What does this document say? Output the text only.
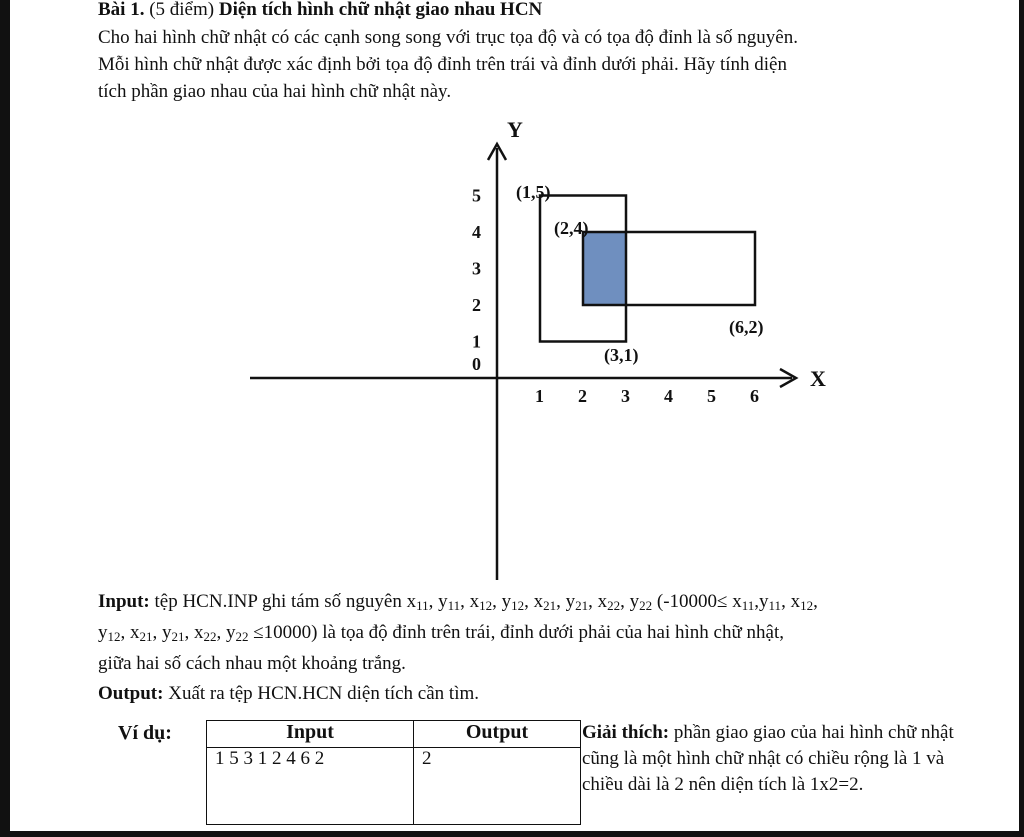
Bài 1. (5 điểm) Diện tích hình chữ nhật giao nhau HCN
Cho hai hình chữ nhật có các cạnh song song với trục tọa độ và có tọa độ đỉnh là số nguyên.
Mỗi hình chữ nhật được xác định bởi tọa độ đỉnh trên trái và đỉnh dưới phải. Hãy tính diện
tích phần giao nhau của hai hình chữ nhật này.
X
Y
1 2 3 4 5 6
0
1
2
3
4
5 (1,5)
(2,4)
(6,2)
(3,1)
Input: tệp HCN.INP ghi tám số nguyên $x_{11}$, $y_{11}$, $x_{12}$, $y_{12}$, $x_{21}$, $y_{21}$, $x_{22}$, $y_{22}$ ($-10000\le x_{11},y_{11}$, $x_{12}$,
$y_{12}$, $x_{21}$, $y_{21}$, $x_{22}$, $y_{22} \le 10000$) là tọa độ đỉnh trên trái, đỉnh dưới phải của hai hình chữ nhật,
giữa hai số cách nhau một khoảng trắng.
Output: Xuất ra tệp HCN.HCN diện tích cần tìm.
Ví dụ:	Input	Output
1 5 3 1 2 4 6 2	2
Giải thích: phần giao giao của hai hình chữ nhật cũng là một hình chữ nhật có chiều rộng là 1 và chiều dài là 2 nên diện tích là 1x2=2.
